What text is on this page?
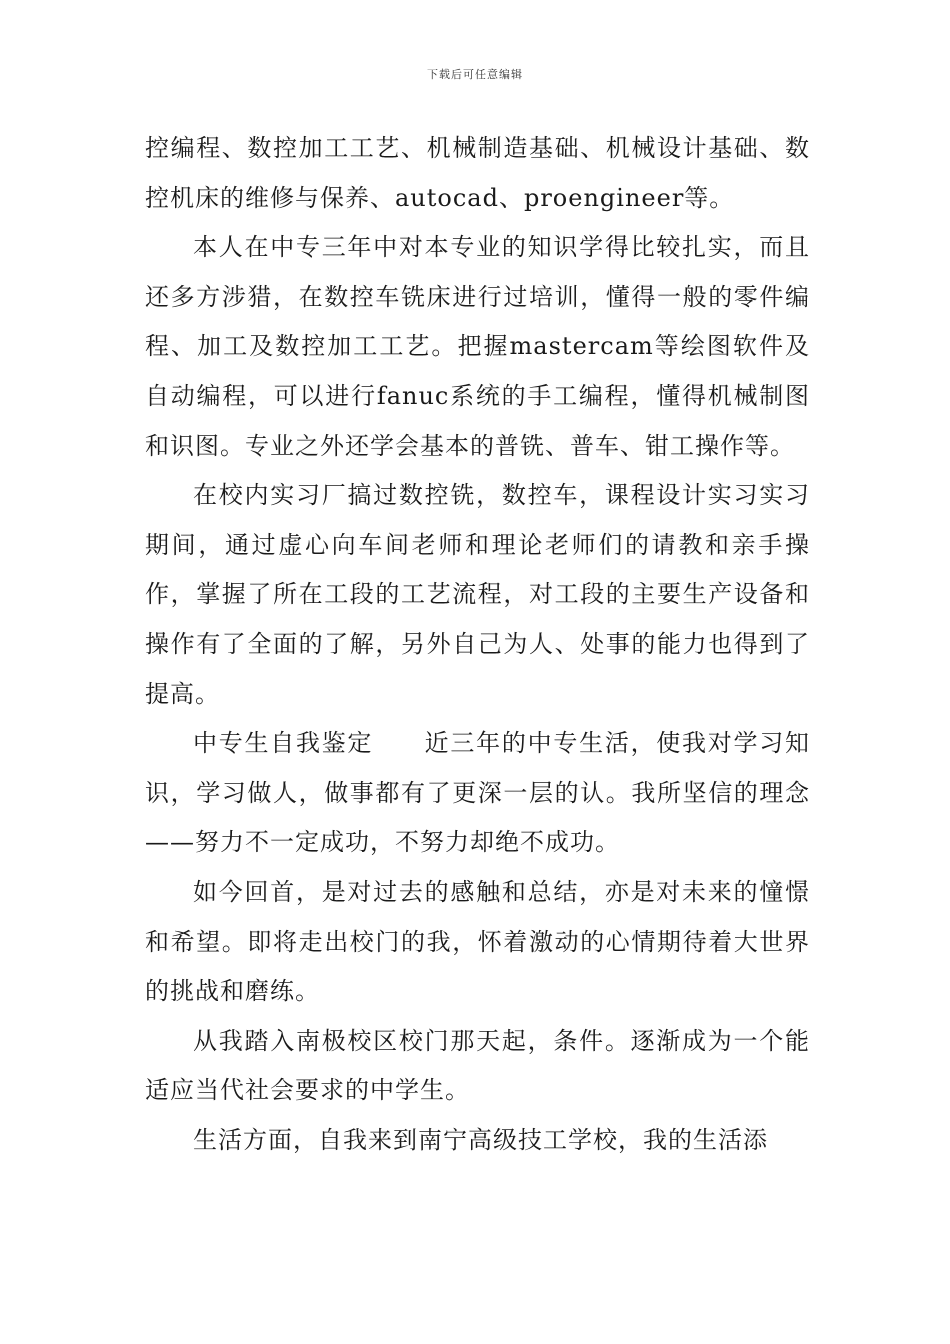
下载后可任意编辑

控编程、数控加工工艺、机械制造基础、机械设计基础、数控机床的维修与保养、autocad、proengineer等。

本人在中专三年中对本专业的知识学得比较扎实，而且还多方涉猎，在数控车铣床进行过培训，懂得一般的零件编程、加工及数控加工工艺。把握mastercam等绘图软件及自动编程，可以进行fanuc系统的手工编程，懂得机械制图和识图。专业之外还学会基本的普铣、普车、钳工操作等。

在校内实习厂搞过数控铣，数控车，课程设计实习实习期间，通过虚心向车间老师和理论老师们的请教和亲手操作，掌握了所在工段的工艺流程，对工段的主要生产设备和操作有了全面的了解，另外自己为人、处事的能力也得到了提高。

中专生自我鉴定　　近三年的中专生活，使我对学习知识，学习做人，做事都有了更深一层的认。我所坚信的理念——努力不一定成功，不努力却绝不成功。

如今回首，是对过去的感触和总结，亦是对未来的憧憬和希望。即将走出校门的我，怀着激动的心情期待着大世界的挑战和磨练。

从我踏入南极校区校门那天起，条件。逐渐成为一个能适应当代社会要求的中学生。

生活方面，自我来到南宁高级技工学校，我的生活添
